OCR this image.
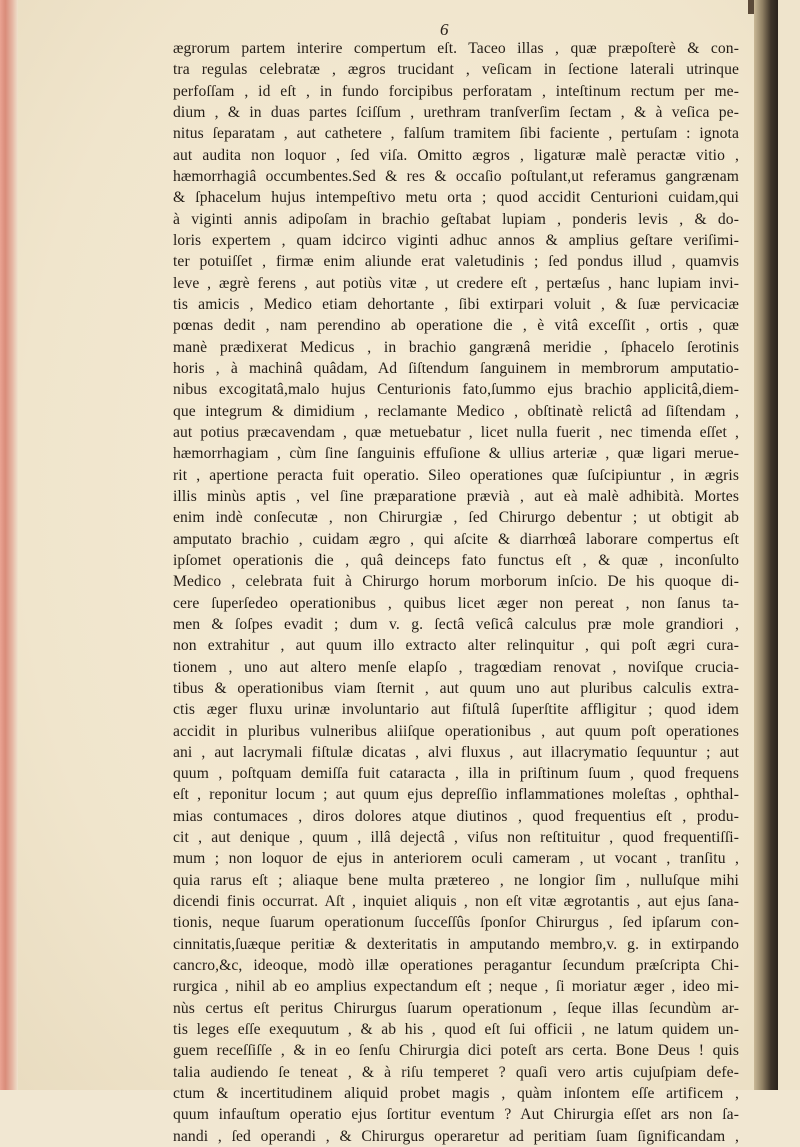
6
ægrorum partem interire compertum eſt. Taceo illas , quæ præpoſterè & con-
tra regulas celebratæ , ægros trucidant , veſicam in ſectione laterali utrinque
perfoſſam , id eſt , in fundo forcipibus perforatam , inteſtinum rectum per me-
dium , & in duas partes ſciſſum , urethram tranſverſim ſectam , & à veſica pe-
nitus ſeparatam , aut cathetere , falſum tramitem ſibi faciente , pertuſam : ignota
aut audita non loquor , ſed viſa. Omitto ægros , ligaturæ malè peractæ vitio ,
hæmorrhagiâ occumbentes.Sed & res & occaſio poſtulant,ut referamus gangrænam
& ſphacelum hujus intempeſtivo metu orta ; quod accidit Centurioni cuidam,qui
à viginti annis adipoſam in brachio geſtabat lupiam , ponderis levis , & do-
loris expertem , quam idcirco viginti adhuc annos & amplius geſtare veriſimi-
ter potuiſſet , firmæ enim aliunde erat valetudinis ; ſed pondus illud , quamvis
leve , ægrè ferens , aut potiùs vitæ , ut credere eſt , pertæſus , hanc lupiam invi-
tis amicis , Medico etiam dehortante , ſibi extirpari voluit , & ſuæ pervicaciæ
pœnas dedit , nam perendino ab operatione die , è vitâ exceſſit , ortis , quæ
manè prædixerat Medicus , in brachio gangrænâ meridie , ſphacelo ſerotinis
horis , à machinâ quâdam, Ad ſiſtendum ſanguinem in membrorum amputatio-
nibus excogitatâ,malo hujus Centurionis fato,ſummo ejus brachio applicitâ,diem-
que integrum & dimidium , reclamante Medico , obſtinatè relictâ ad ſiſtendam ,
aut potius præcavendam , quæ metuebatur , licet nulla fuerit , nec timenda eſſet ,
hæmorrhagiam , cùm ſine ſanguinis effuſione & ullius arteriæ , quæ ligari merue-
rit , apertione peracta fuit operatio. Sileo operationes quæ ſuſcipiuntur , in ægris
illis minùs aptis , vel ſine præparatione prævià , aut eà malè adhibità. Mortes
enim indè conſecutæ , non Chirurgiæ , ſed Chirurgo debentur ; ut obtigit ab
amputato brachio , cuidam ægro , qui aſcite & diarrhœâ laborare compertus eſt
ipſomet operationis die , quâ deinceps fato functus eſt , & quæ , inconſulto
Medico , celebrata fuit à Chirurgo horum morborum inſcio. De his quoque di-
cere ſuperſedeo operationibus , quibus licet æger non pereat , non ſanus ta-
men & ſoſpes evadit ; dum v. g. ſectâ veſicâ calculus præ mole grandiori ,
non extrahitur , aut quum illo extracto alter relinquitur , qui poſt ægri cura-
tionem , uno aut altero menſe elapſo , tragœdiam renovat , noviſque crucia-
tibus & operationibus viam ſternit , aut quum uno aut pluribus calculis extra-
ctis æger fluxu urinæ involuntario aut fiſtulâ ſuperſtite affligitur ; quod idem
accidit in pluribus vulneribus aliiſque operationibus , aut quum poſt operationes
ani , aut lacrymali fiſtulæ dicatas , alvi fluxus , aut illacrymatio ſequuntur ; aut
quum , poſtquam demiſſa fuit cataracta , illa in priſtinum ſuum , quod frequens
eſt , reponitur locum ; aut quum ejus depreſſio inflammationes moleſtas , ophthal-
mias contumaces , diros dolores atque diutinos , quod frequentius eſt , produ-
cit , aut denique , quum , illâ dejectâ , viſus non reſtituitur , quod frequentiſſi-
mum ; non loquor de ejus in anteriorem oculi cameram , ut vocant , tranſitu ,
quia rarus eſt ; aliaque bene multa prætereo , ne longior ſim , nulluſque mihi
dicendi finis occurrat. Aſt , inquiet aliquis , non eſt vitæ ægrotantis , aut ejus ſana-
tionis, neque ſuarum operationum ſucceſſûs ſponſor Chirurgus , ſed ipſarum con-
cinnitatis,ſuæque peritiæ & dexteritatis in amputando membro,v. g. in extirpando
cancro,&c, ideoque, modò illæ operationes peragantur ſecundum præſcripta Chi-
rurgica , nihil ab eo amplius expectandum eſt ; neque , ſi moriatur æger , ideo mi-
nùs certus eſt peritus Chirurgus ſuarum operationum , ſeque illas ſecundùm ar-
tis leges eſſe exequutum , & ab his , quod eſt ſui officii , ne latum quidem un-
guem receſſiſſe , & in eo ſenſu Chirurgia dici poteſt ars certa. Bone Deus ! quis
talia audiendo ſe teneat , & à riſu temperet ? quaſi vero artis cujuſpiam defe-
ctum & incertitudinem aliquid probet magis , quàm inſontem eſſe artificem ,
quum infauſtum operatio ejus ſortitur eventum ? Aut Chirurgia eſſet ars non ſa-
nandi , ſed operandi , & Chirurgus operaretur ad peritiam ſuam ſignificandam ,
